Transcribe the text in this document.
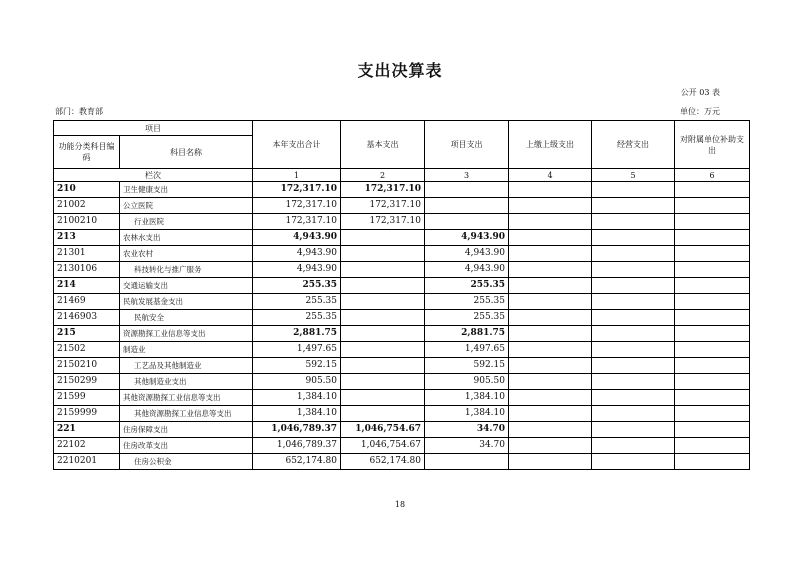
支出决算表
公开 03 表
部门：教育部	单位：万元
项目		本年支出合计	基本支出	项目支出	上缴上级支出	经营支出	对附属单位补助支出
功能分类科目编码	科目名称						
栏次		1	2	3	4	5	6
210	卫生健康支出	172,317.10	172,317.10				
21002	公立医院	172,317.10	172,317.10				
2100210	行业医院	172,317.10	172,317.10				
213	农林水支出	4,943.90		4,943.90			
21301	农业农村	4,943.90		4,943.90			
2130106	科技转化与推广服务	4,943.90		4,943.90			
214	交通运输支出	255.35		255.35			
21469	民航发展基金支出	255.35		255.35			
2146903	民航安全	255.35		255.35			
215	资源勘探工业信息等支出	2,881.75		2,881.75			
21502	制造业	1,497.65		1,497.65			
2150210	工艺品及其他制造业	592.15		592.15			
2150299	其他制造业支出	905.50		905.50			
21599	其他资源勘探工业信息等支出	1,384.10		1,384.10			
2159999	其他资源勘探工业信息等支出	1,384.10		1,384.10			
221	住房保障支出	1,046,789.37	1,046,754.67	34.70			
22102	住房改革支出	1,046,789.37	1,046,754.67	34.70			
2210201	住房公积金	652,174.80	652,174.80				
18
